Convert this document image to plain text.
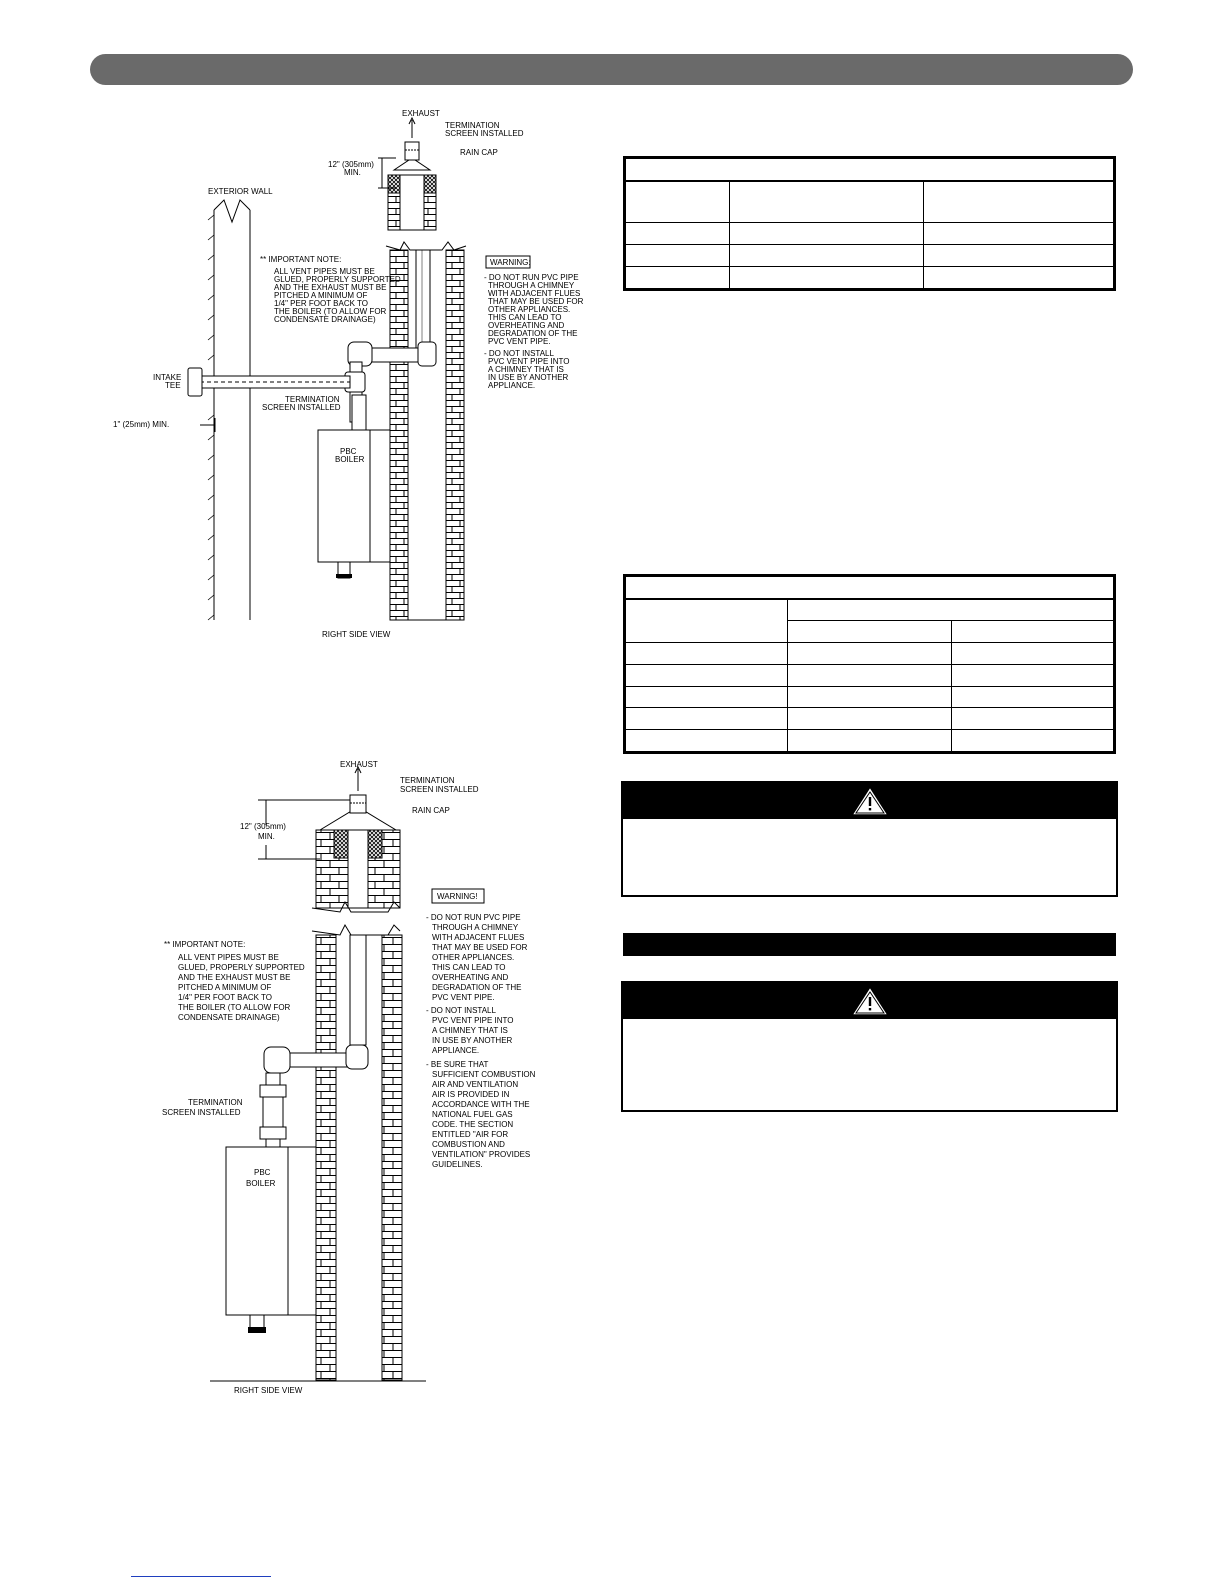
EXHAUST
TERMINATION
SCREEN INSTALLED
RAIN CAP
12" (305mm)
MIN.
EXTERIOR WALL
** IMPORTANT NOTE:
ALL VENT PIPES MUST BE
GLUED, PROPERLY SUPPORTED
AND THE EXHAUST MUST BE
PITCHED A MINIMUM OF
1/4" PER FOOT BACK TO
THE BOILER (TO ALLOW FOR
CONDENSATE DRAINAGE)
WARNING:
- DO NOT RUN PVC PIPE
THROUGH A CHIMNEY
WITH ADJACENT FLUES
THAT MAY BE USED FOR
OTHER APPLIANCES.
THIS CAN LEAD TO
OVERHEATING AND
DEGRADATION OF THE
PVC VENT PIPE.
- DO NOT INSTALL
PVC VENT PIPE INTO
A CHIMNEY THAT IS
IN USE BY ANOTHER
APPLIANCE.
INTAKE
TEE
TERMINATION
SCREEN INSTALLED
1" (25mm) MIN.
PBC
BOILER
RIGHT SIDE VIEW
EXHAUST
TERMINATION
SCREEN INSTALLED
RAIN CAP
12" (305mm)
MIN.
** IMPORTANT NOTE:
ALL VENT PIPES MUST BE
GLUED, PROPERLY SUPPORTED
AND THE EXHAUST MUST BE
PITCHED A MINIMUM OF
1/4" PER FOOT BACK TO
THE BOILER (TO ALLOW FOR
CONDENSATE DRAINAGE)
WARNING!
- DO NOT RUN PVC PIPE
THROUGH A CHIMNEY
WITH ADJACENT FLUES
THAT MAY BE USED FOR
OTHER APPLIANCES.
THIS CAN LEAD TO
OVERHEATING AND
DEGRADATION OF THE
PVC VENT PIPE.
- DO NOT INSTALL
PVC VENT PIPE INTO
A CHIMNEY THAT IS
IN USE BY ANOTHER
APPLIANCE.
- BE SURE THAT
SUFFICIENT COMBUSTION
AIR AND VENTILATION
AIR IS PROVIDED IN
ACCORDANCE WITH THE
NATIONAL FUEL GAS
CODE. THE SECTION
ENTITLED "AIR FOR
COMBUSTION AND
VENTILATION" PROVIDES
GUIDELINES.
TERMINATION
SCREEN INSTALLED
PBC
BOILER
RIGHT SIDE VIEW
